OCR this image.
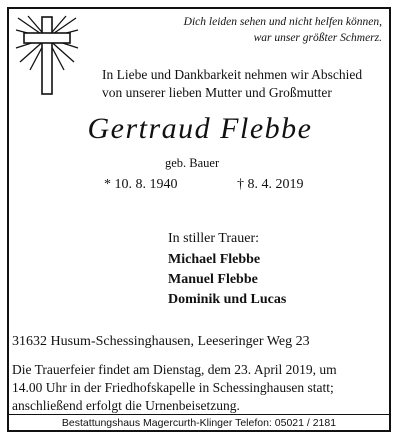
Dich leiden sehen und nicht helfen können,
war unser größter Schmerz.
In Liebe und Dankbarkeit nehmen wir Abschied
von unserer lieben Mutter und Großmutter
Gertraud Flebbe
geb. Bauer
* 10. 8. 1940	† 8. 4. 2019
In stiller Trauer:
Michael Flebbe
Manuel Flebbe
Dominik und Lucas
31632 Husum-Schessinghausen, Leeseringer Weg 23
Die Trauerfeier findet am Dienstag, dem 23. April 2019, um
14.00 Uhr in der Friedhofskapelle in Schessinghausen statt;
anschließend erfolgt die Urnenbeisetzung.
Bestattungshaus Magercurth-Klinger Telefon: 05021 / 2181
